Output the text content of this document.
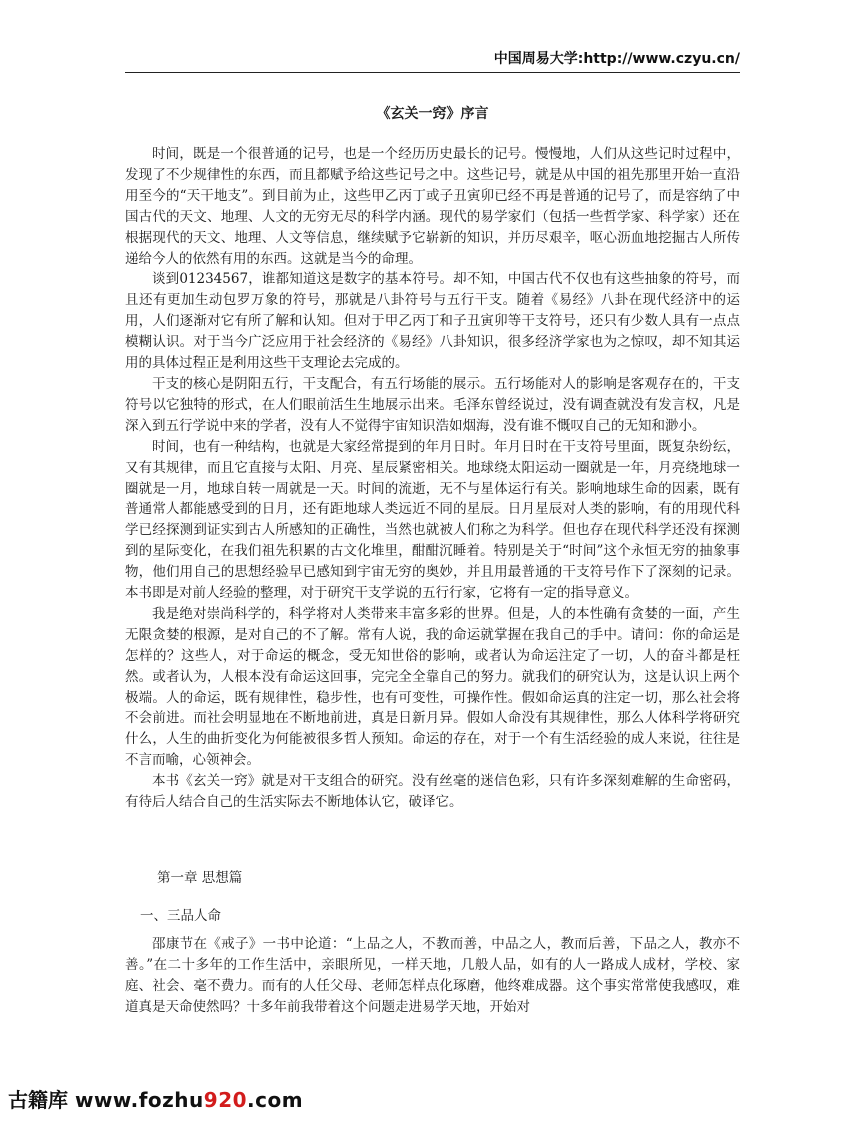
中国周易大学:http://www.czyu.cn/
《玄关一窍》序言

时间，既是一个很普通的记号，也是一个经历历史最长的记号。慢慢地，人们从这些记时过程中，发现了不少规律性的东西，而且都赋予给这些记号之中。这些记号，就是从中国的祖先那里开始一直沿用至今的“天干地支”。到目前为止，这些甲乙丙丁或子丑寅卯已经不再是普通的记号了，而是容纳了中国古代的天文、地理、人文的无穷无尽的科学内涵。现代的易学家们（包括一些哲学家、科学家）还在根据现代的天文、地理、人文等信息，继续赋予它崭新的知识，并历尽艰辛，呕心沥血地挖掘古人所传递给今人的依然有用的东西。这就是当今的命理。

谈到01234567，谁都知道这是数字的基本符号。却不知，中国古代不仅也有这些抽象的符号，而且还有更加生动包罗万象的符号，那就是八卦符号与五行干支。随着《易经》八卦在现代经济中的运用，人们逐渐对它有所了解和认知。但对于甲乙丙丁和子丑寅卯等干支符号，还只有少数人具有一点点模糊认识。对于当今广泛应用于社会经济的《易经》八卦知识，很多经济学家也为之惊叹，却不知其运用的具体过程正是利用这些干支理论去完成的。

干支的核心是阴阳五行，干支配合，有五行场能的展示。五行场能对人的影响是客观存在的，干支符号以它独特的形式，在人们眼前活生生地展示出来。毛泽东曾经说过，没有调查就没有发言权，凡是深入到五行学说中来的学者，没有人不觉得宇宙知识浩如烟海，没有谁不慨叹自己的无知和渺小。

时间，也有一种结构，也就是大家经常提到的年月日时。年月日时在干支符号里面，既复杂纷纭，又有其规律，而且它直接与太阳、月亮、星辰紧密相关。地球绕太阳运动一圈就是一年，月亮绕地球一圈就是一月，地球自转一周就是一天。时间的流逝，无不与星体运行有关。影响地球生命的因素，既有普通常人都能感受到的日月，还有距地球人类远近不同的星辰。日月星辰对人类的影响，有的用现代科学已经探测到证实到古人所感知的正确性，当然也就被人们称之为科学。但也存在现代科学还没有探测到的星际变化，在我们祖先积累的古文化堆里，酣酣沉睡着。特别是关于“时间”这个永恒无穷的抽象事物，他们用自己的思想经验早已感知到宇宙无穷的奥妙，并且用最普通的干支符号作下了深刻的记录。本书即是对前人经验的整理，对于研究干支学说的五行行家，它将有一定的指导意义。

我是绝对崇尚科学的，科学将对人类带来丰富多彩的世界。但是，人的本性确有贪婪的一面，产生无限贪婪的根源，是对自己的不了解。常有人说，我的命运就掌握在我自己的手中。请问：你的命运是怎样的？这些人，对于命运的概念，受无知世俗的影响，或者认为命运注定了一切，人的奋斗都是枉然。或者认为，人根本没有命运这回事，完完全全靠自己的努力。就我们的研究认为，这是认识上两个极端。人的命运，既有规律性，稳步性，也有可变性，可操作性。假如命运真的注定一切，那么社会将不会前进。而社会明显地在不断地前进，真是日新月异。假如人命没有其规律性，那么人体科学将研究什么，人生的曲折变化为何能被很多哲人预知。命运的存在，对于一个有生活经验的成人来说，往往是不言而喻，心领神会。

本书《玄关一窍》就是对干支组合的研究。没有丝毫的迷信色彩，只有许多深刻难解的生命密码，有待后人结合自己的生活实际去不断地体认它，破译它。

第一章 思想篇
一、三品人命

邵康节在《戒子》一书中论道：“上品之人，不教而善，中品之人，教而后善，下品之人，教亦不善。”在二十多年的工作生活中，亲眼所见，一样天地，几般人品，如有的人一路成人成材，学校、家庭、社会、毫不费力。而有的人任父母、老师怎样点化琢磨，他终难成器。这个事实常常使我感叹，难道真是天命使然吗？十多年前我带着这个问题走进易学天地，开始对

古籍库 www.fozhu920.com
